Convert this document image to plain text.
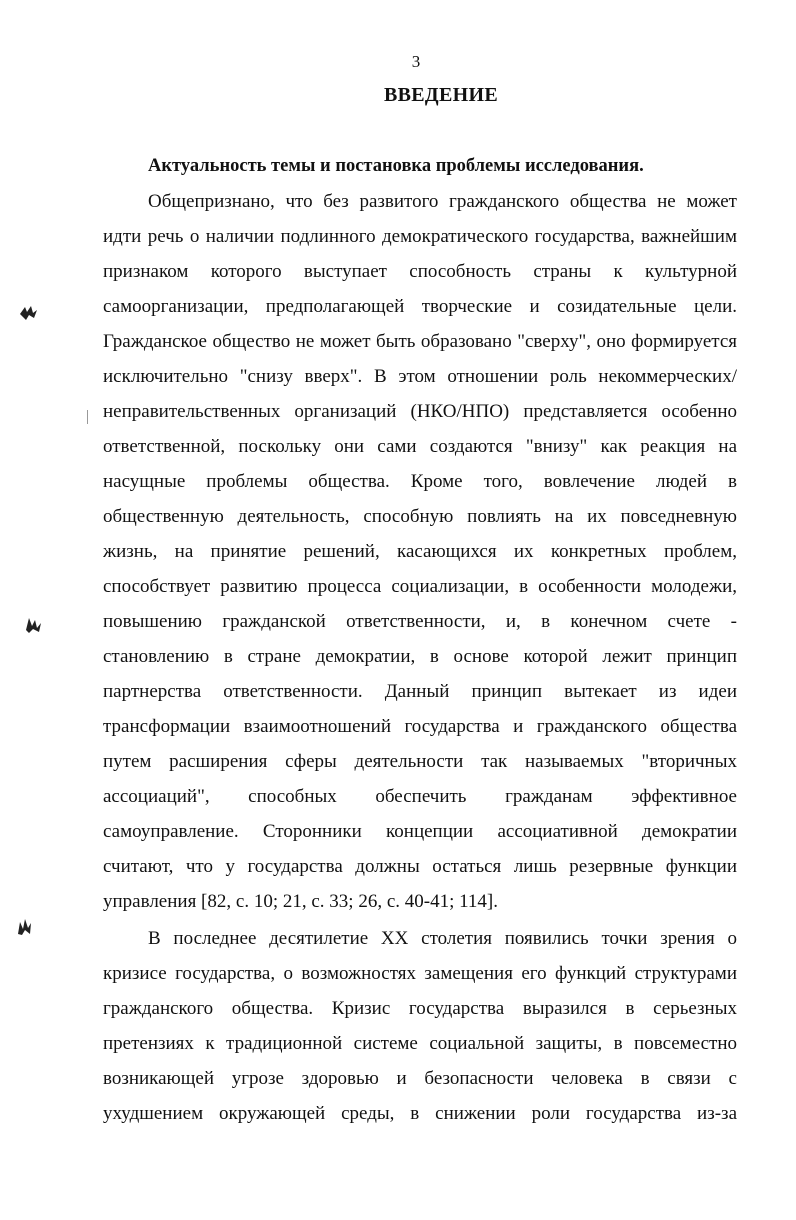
3
ВВЕДЕНИЕ
Актуальность темы и постановка проблемы исследования.
Общепризнано, что без развитого гражданского общества не может
идти речь о наличии подлинного демократического государства, важнейшим
признаком которого выступает способность страны к культурной
самоорганизации, предполагающей творческие и созидательные цели.
Гражданское общество не может быть образовано "сверху", оно формируется
исключительно "снизу вверх". В этом отношении роль некоммерческих/
неправительственных организаций (НКО/НПО) представляется особенно
ответственной, поскольку они сами создаются "внизу" как реакция на
насущные проблемы общества. Кроме того, вовлечение людей в
общественную деятельность, способную повлиять на их повседневную
жизнь, на принятие решений, касающихся их конкретных проблем,
способствует развитию процесса социализации, в особенности молодежи,
повышению гражданской ответственности, и, в конечном счете -
становлению в стране демократии, в основе которой лежит принцип
партнерства ответственности. Данный принцип вытекает из идеи
трансформации взаимоотношений государства и гражданского общества
путем расширения сферы деятельности так называемых "вторичных
ассоциаций", способных обеспечить гражданам эффективное
самоуправление. Сторонники концепции ассоциативной демократии
считают, что у государства должны остаться лишь резервные функции
управления [82, с. 10; 21, с. 33; 26, с. 40-41; 114].
В последнее десятилетие XX столетия появились точки зрения о
кризисе государства, о возможностях замещения его функций структурами
гражданского общества. Кризис государства выразился в серьезных
претензиях к традиционной системе социальной защиты, в повсеместно
возникающей угрозе здоровью и безопасности человека в связи с
ухудшением окружающей среды, в снижении роли государства из-за
